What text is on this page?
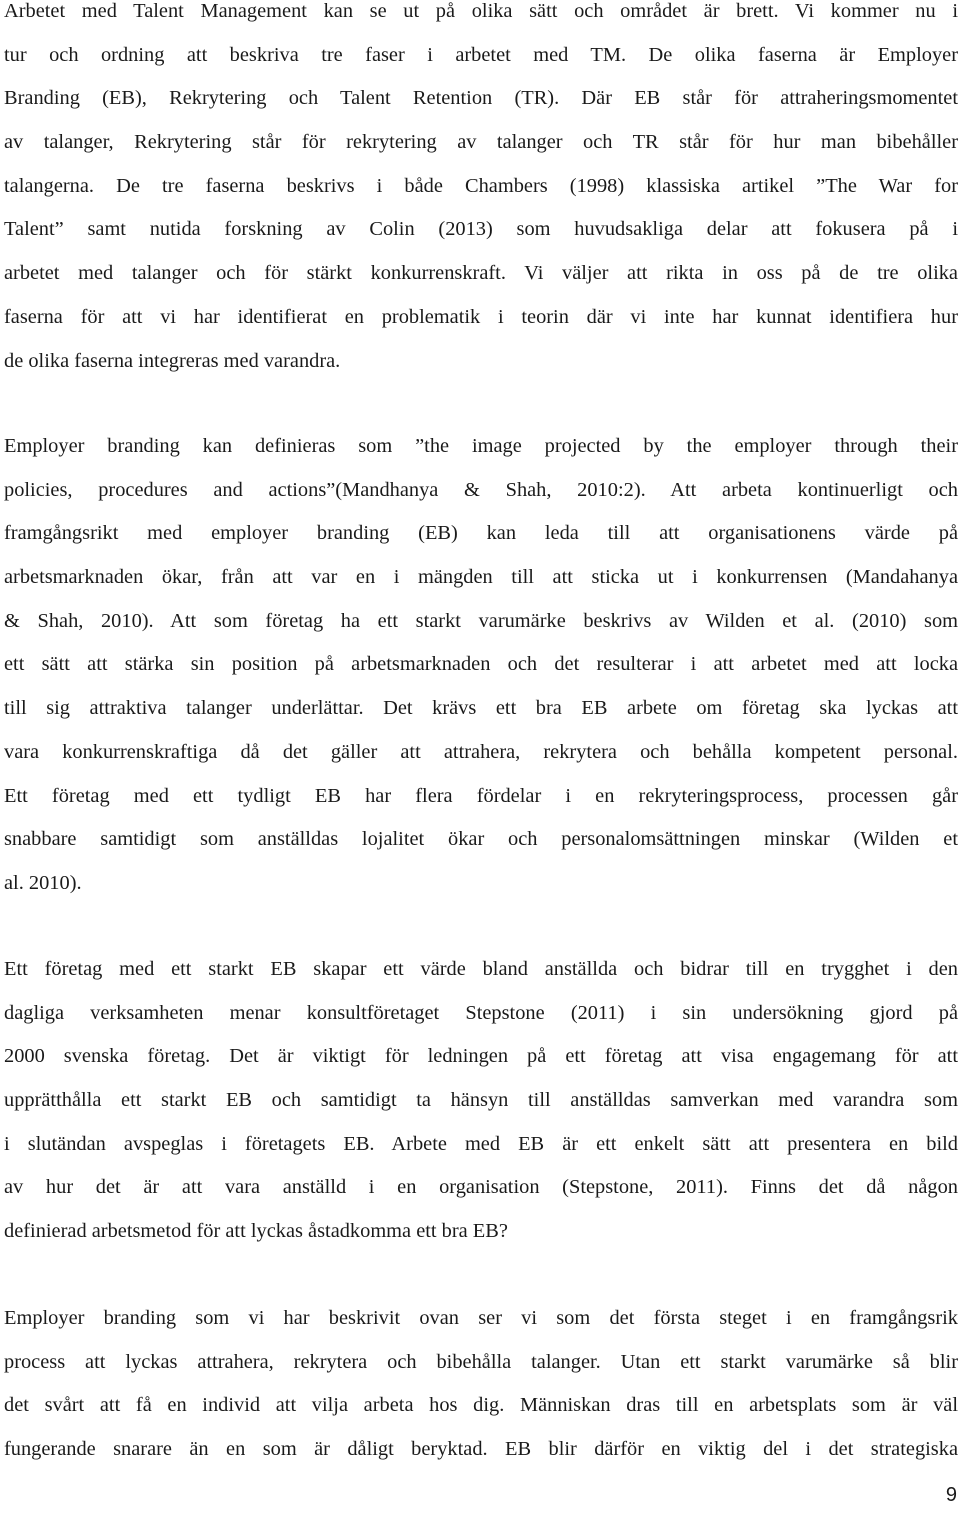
Arbetet med Talent Management kan se ut på olika sätt och området är brett. Vi kommer nu i
tur och ordning att beskriva tre faser i arbetet med TM. De olika faserna är Employer
Branding (EB), Rekrytering och Talent Retention (TR). Där EB står för attraheringsmomentet
av talanger, Rekrytering står för rekrytering av talanger och TR står för hur man bibehåller
talangerna. De tre faserna beskrivs i både Chambers (1998) klassiska artikel ”The War for
Talent” samt nutida forskning av Colin (2013) som huvudsakliga delar att fokusera på i
arbetet med talanger och för stärkt konkurrenskraft. Vi väljer att rikta in oss på de tre olika
faserna för att vi har identifierat en problematik i teorin där vi inte har kunnat identifiera hur
de olika faserna integreras med varandra.

Employer branding kan definieras som ”the image projected by the employer through their
policies, procedures and actions”(Mandhanya & Shah, 2010:2). Att arbeta kontinuerligt och
framgångsrikt med employer branding (EB) kan leda till att organisationens värde på
arbetsmarknaden ökar, från att var en i mängden till att sticka ut i konkurrensen (Mandahanya
& Shah, 2010). Att som företag ha ett starkt varumärke beskrivs av Wilden et al. (2010) som
ett sätt att stärka sin position på arbetsmarknaden och det resulterar i att arbetet med att locka
till sig attraktiva talanger underlättar. Det krävs ett bra EB arbete om företag ska lyckas att
vara konkurrenskraftiga då det gäller att attrahera, rekrytera och behålla kompetent personal.
Ett företag med ett tydligt EB har flera fördelar i en rekryteringsprocess, processen går
snabbare samtidigt som anställdas lojalitet ökar och personalomsättningen minskar (Wilden et
al. 2010).

Ett företag med ett starkt EB skapar ett värde bland anställda och bidrar till en trygghet i den
dagliga verksamheten menar konsultföretaget Stepstone (2011) i sin undersökning gjord på
2000 svenska företag. Det är viktigt för ledningen på ett företag att visa engagemang för att
upprätthålla ett starkt EB och samtidigt ta hänsyn till anställdas samverkan med varandra som
i slutändan avspeglas i företagets EB. Arbete med EB är ett enkelt sätt att presentera en bild
av hur det är att vara anställd i en organisation (Stepstone, 2011). Finns det då någon
definierad arbetsmetod för att lyckas åstadkomma ett bra EB?

Employer branding som vi har beskrivit ovan ser vi som det första steget i en framgångsrik
process att lyckas attrahera, rekrytera och bibehålla talanger. Utan ett starkt varumärke så blir
det svårt att få en individ att vilja arbeta hos dig. Människan dras till en arbetsplats som är väl
fungerande snarare än en som är dåligt beryktad. EB blir därför en viktig del i det strategiska

9
